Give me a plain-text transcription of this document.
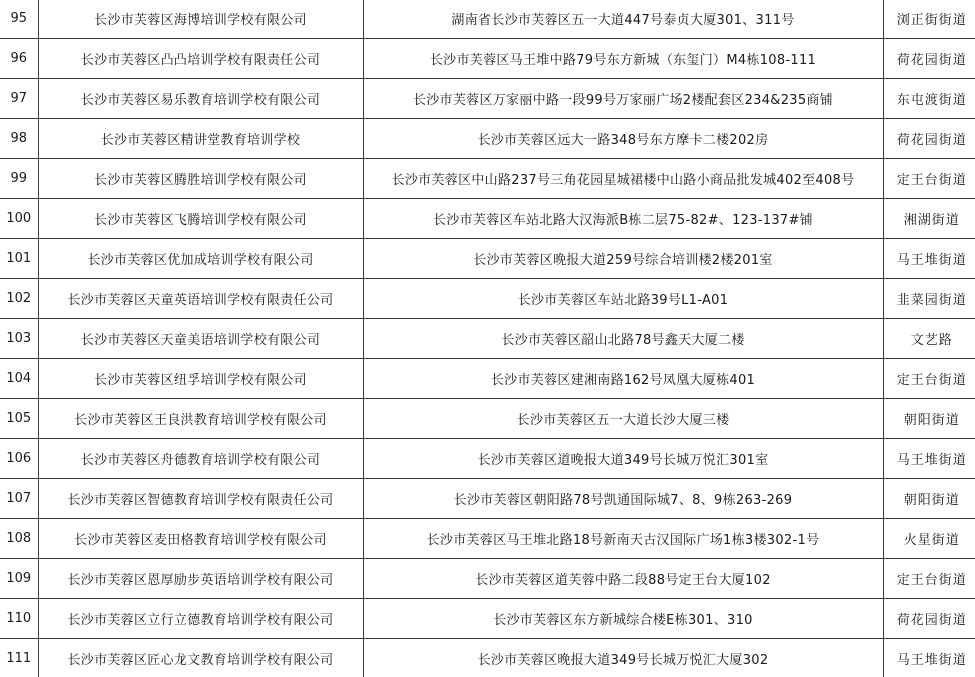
95	长沙市芙蓉区海博培训学校有限公司	湖南省长沙市芙蓉区五一大道447号泰贞大厦301、311号	浏正街街道
96	长沙市芙蓉区凸凸培训学校有限责任公司	长沙市芙蓉区马王堆中路79号东方新城（东玺门）M4栋108-111	荷花园街道
97	长沙市芙蓉区易乐教育培训学校有限公司	长沙市芙蓉区万家丽中路一段99号万家丽广场2楼配套区234&235商铺	东屯渡街道
98	长沙市芙蓉区精讲堂教育培训学校	长沙市芙蓉区远大一路348号东方摩卡二楼202房	荷花园街道
99	长沙市芙蓉区腾胜培训学校有限公司	长沙市芙蓉区中山路237号三角花园星城裙楼中山路小商品批发城402至408号	定王台街道
100	长沙市芙蓉区飞腾培训学校有限公司	长沙市芙蓉区车站北路大汉海派B栋二层75-82#、123-137#铺	湘湖街道
101	长沙市芙蓉区优加成培训学校有限公司	长沙市芙蓉区晚报大道259号综合培训楼2楼201室	马王堆街道
102	长沙市芙蓉区天童英语培训学校有限责任公司	长沙市芙蓉区车站北路39号L1-A01	韭菜园街道
103	长沙市芙蓉区天童美语培训学校有限公司	长沙市芙蓉区韶山北路78号鑫天大厦二楼	文艺路
104	长沙市芙蓉区纽孚培训学校有限公司	长沙市芙蓉区建湘南路162号凤凰大厦栋401	定王台街道
105	长沙市芙蓉区王良洪教育培训学校有限公司	长沙市芙蓉区五一大道长沙大厦三楼	朝阳街道
106	长沙市芙蓉区舟德教育培训学校有限公司	长沙市芙蓉区道晚报大道349号长城万悦汇301室	马王堆街道
107	长沙市芙蓉区智德教育培训学校有限责任公司	长沙市芙蓉区朝阳路78号凯通国际城7、8、9栋263-269	朝阳街道
108	长沙市芙蓉区麦田格教育培训学校有限公司	长沙市芙蓉区马王堆北路18号新南天古汉国际广场1栋3楼302-1号	火星街道
109	长沙市芙蓉区恩厚励步英语培训学校有限公司	长沙市芙蓉区道芙蓉中路二段88号定王台大厦102	定王台街道
110	长沙市芙蓉区立行立德教育培训学校有限公司	长沙市芙蓉区东方新城综合楼E栋301、310	荷花园街道
111	长沙市芙蓉区匠心龙文教育培训学校有限公司	长沙市芙蓉区晚报大道349号长城万悦汇大厦302	马王堆街道
